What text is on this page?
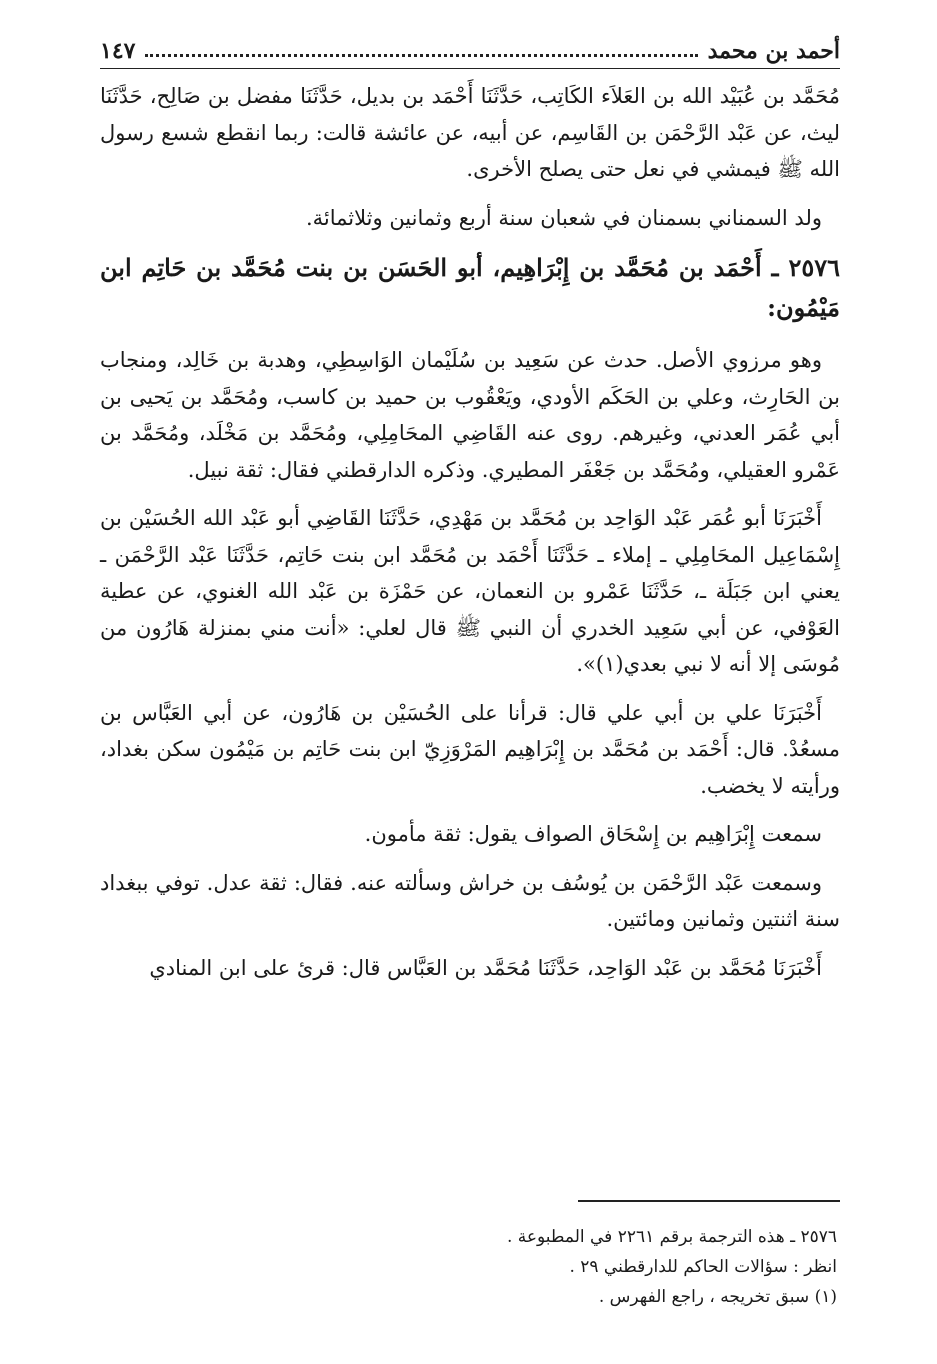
أحمد بن محمد
١٤٧

مُحَمَّد بن عُبَيْد الله بن العَلاَء الكَاتِب، حَدَّثَنَا أَحْمَد بن بديل، حَدَّثَنَا مفضل بن صَالِح، حَدَّثَنَا ليث، عن عَبْد الرَّحْمَن بن القَاسِم، عن أبيه، عن عائشة قالت: ربما انقطع شسع رسول الله ﷺ فيمشي في نعل حتى يصلح الأخرى.

ولد السمناني بسمنان في شعبان سنة أربع وثمانين وثلاثمائة.

٢٥٧٦ ـ أَحْمَد بن مُحَمَّد بن إِبْرَاهِيم، أبو الحَسَن بن بنت مُحَمَّد بن حَاتِم ابن مَيْمُون:

وهو مرزوي الأصل. حدث عن سَعِيد بن سُلَيْمان الوَاسِطِي، وهدبة بن خَالِد، ومنجاب بن الحَارِث، وعلي بن الحَكَم الأودي، ويَعْقُوب بن حميد بن كاسب، ومُحَمَّد بن يَحيى بن أبي عُمَر العدني، وغيرهم. روى عنه القَاضِي المحَامِلِي، ومُحَمَّد بن مَخْلَد، ومُحَمَّد بن عَمْرو العقيلي، ومُحَمَّد بن جَعْفَر المطيري. وذكره الدارقطني فقال: ثقة نبيل.

أَخْبَرَنَا أبو عُمَر عَبْد الوَاحِد بن مُحَمَّد بن مَهْدِي، حَدَّثَنَا القَاضِي أبو عَبْد الله الحُسَيْن بن إِسْمَاعِيل المحَامِلِي ـ إملاء ـ حَدَّثَنَا أَحْمَد بن مُحَمَّد ابن بنت حَاتِم، حَدَّثَنَا عَبْد الرَّحْمَن ـ يعني ابن جَبَلَة ـ، حَدَّثَنَا عَمْرو بن النعمان، عن حَمْزَة بن عَبْد الله الغنوي، عن عطية العَوْفي، عن أبي سَعِيد الخدري أن النبي ﷺ قال لعلي: «أنت مني بمنزلة هَارُون من مُوسَى إلا أنه لا نبي بعدي(١)».

أَخْبَرَنَا علي بن أبي علي قال: قرأنا على الحُسَيْن بن هَارُون، عن أبي العَبَّاس بن مسعُدْ. قال: أَحْمَد بن مُحَمَّد بن إِبْرَاهِيم المَرْوَزِيّ ابن بنت حَاتِم بن مَيْمُون سكن بغداد، ورأيته لا يخضب.

سمعت إِبْرَاهِيم بن إِسْحَاق الصواف يقول: ثقة مأمون.

وسمعت عَبْد الرَّحْمَن بن يُوسُف بن خراش وسألته عنه. فقال: ثقة عدل. توفي ببغداد سنة اثنتين وثمانين ومائتين.

أَخْبَرَنَا مُحَمَّد بن عَبْد الوَاحِد، حَدَّثَنَا مُحَمَّد بن العَبَّاس قال: قرئ على ابن المنادي

٢٥٧٦ ـ هذه الترجمة برقم ٢٢٦١ في المطبوعة .
انظر : سؤالات الحاكم للدارقطني ٢٩ .
(١) سبق تخريجه ، راجع الفهرس .
